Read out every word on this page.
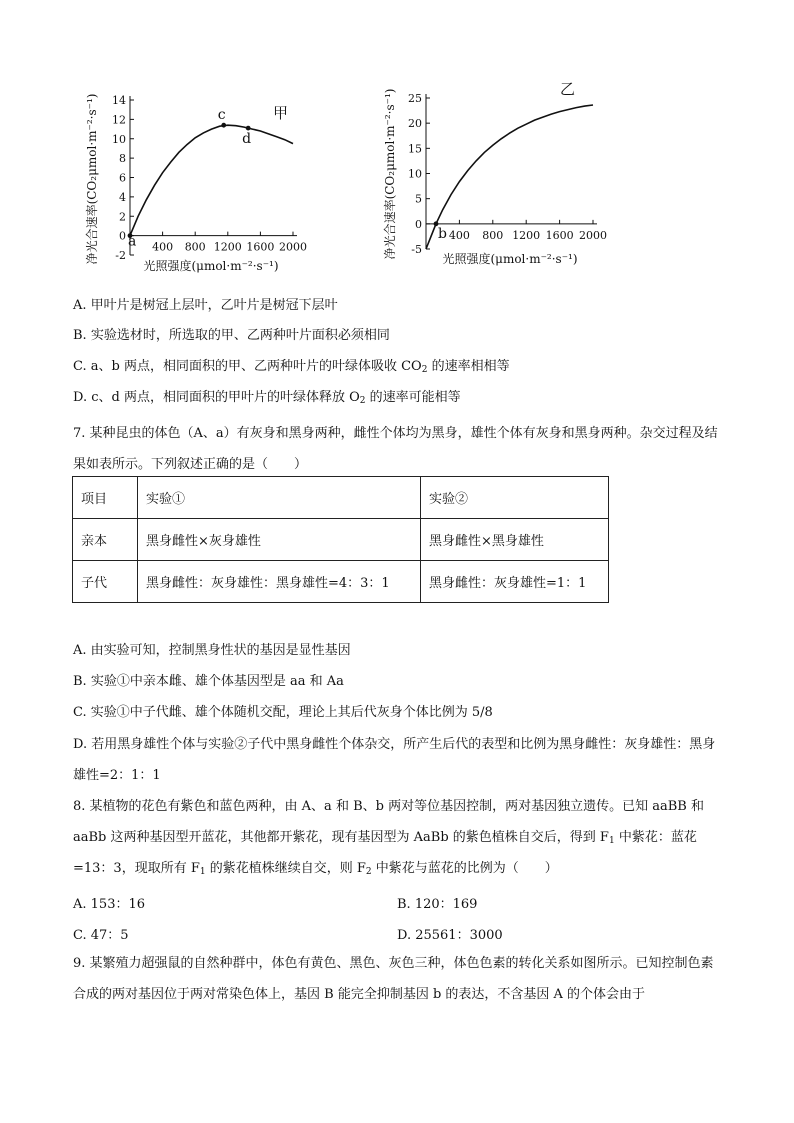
14
12
10
8
6
4
2
0
-2
400 800 1200 1600 2000
a
c
d
甲
光照强度(μmol·m⁻²·s⁻¹)
净光合速率(CO₂μmol·m⁻²·s⁻¹)	25
20
15
10
5
0
-5
400 800 1200 1600 2000
b
乙
光照强度(μmol·m⁻²·s⁻¹)
净光合速率(CO₂μmol·m⁻²·s⁻¹)
A. 甲叶片是树冠上层叶，乙叶片是树冠下层叶
B. 实验选材时，所选取的甲、乙两种叶片面积必须相同
C. a、b 两点，相同面积的甲、乙两种叶片的叶绿体吸收 $CO_2$ 的速率相相等
D. c、d 两点，相同面积的甲叶片的叶绿体释放 $O_2$ 的速率可能相等
7. 某种昆虫的体色（A、a）有灰身和黑身两种，雌性个体均为黑身，雄性个体有灰身和黑身两种。杂交过程及结果如表所示。下列叙述正确的是（　　）
项目	实验①	实验②
亲本	黑身雌性×灰身雄性	黑身雌性×黑身雄性
子代	黑身雌性：灰身雄性：黑身雄性=4：3：1	黑身雌性：灰身雄性=1：1
A. 由实验可知，控制黑身性状的基因是显性基因
B. 实验①中亲本雌、雄个体基因型是 aa 和 Aa
C. 实验①中子代雌、雄个体随机交配，理论上其后代灰身个体比例为 5/8
D. 若用黑身雄性个体与实验②子代中黑身雌性个体杂交，所产生后代的表型和比例为黑身雌性：灰身雄性：黑身雄性=2：1：1
8. 某植物的花色有紫色和蓝色两种，由 A、a 和 B、b 两对等位基因控制，两对基因独立遗传。已知 aaBB 和 aaBb 这两种基因型开蓝花，其他都开紫花，现有基因型为 AaBb 的紫色植株自交后，得到 $F_1$ 中紫花：蓝花=13：3，现取所有 $F_1$ 的紫花植株继续自交，则 $F_2$ 中紫花与蓝花的比例为（　　）
A. 153：16	B. 120：169
C. 47：5	D. 25561：3000
9. 某繁殖力超强鼠的自然种群中，体色有黄色、黑色、灰色三种，体色色素的转化关系如图所示。已知控制色素合成的两对基因位于两对常染色体上，基因 B 能完全抑制基因 b 的表达，不含基因 A 的个体会由于
